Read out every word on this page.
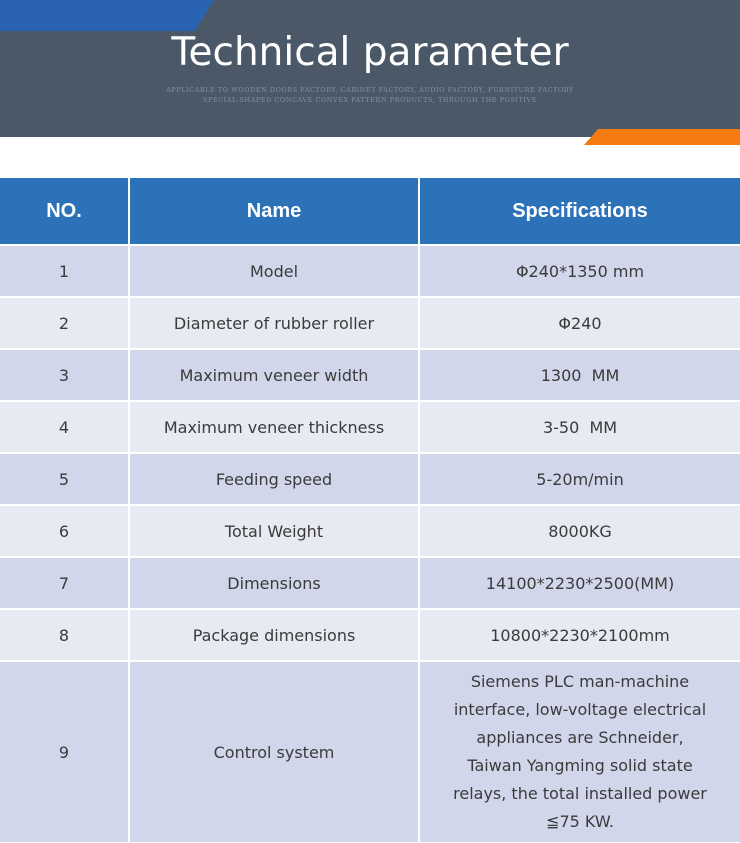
Technical parameter
APPLICABLE TO WOODEN DOORS FACTORY, CABINET FACTORY, AUDIO FACTORY, FURNITURE FACTORY
SPECIAL-SHAPED CONCAVE CONVEX PATTERN PRODUCTS, THROUGH THE POSITIVE
NO.	Name	Specifications
1	Model	Φ240*1350 mm
2	Diameter of rubber roller	Φ240
3	Maximum veneer width	1300  MM
4	Maximum veneer thickness	3-50  MM
5	Feeding speed	5-20m/min
6	Total Weight	8000KG
7	Dimensions	14100*2230*2500(MM)
8	Package dimensions	10800*2230*2100mm
9	Control system	Siemens PLC man-machine interface, low-voltage electrical appliances are Schneider, Taiwan Yangming solid state relays, the total installed power ≦75 KW.
